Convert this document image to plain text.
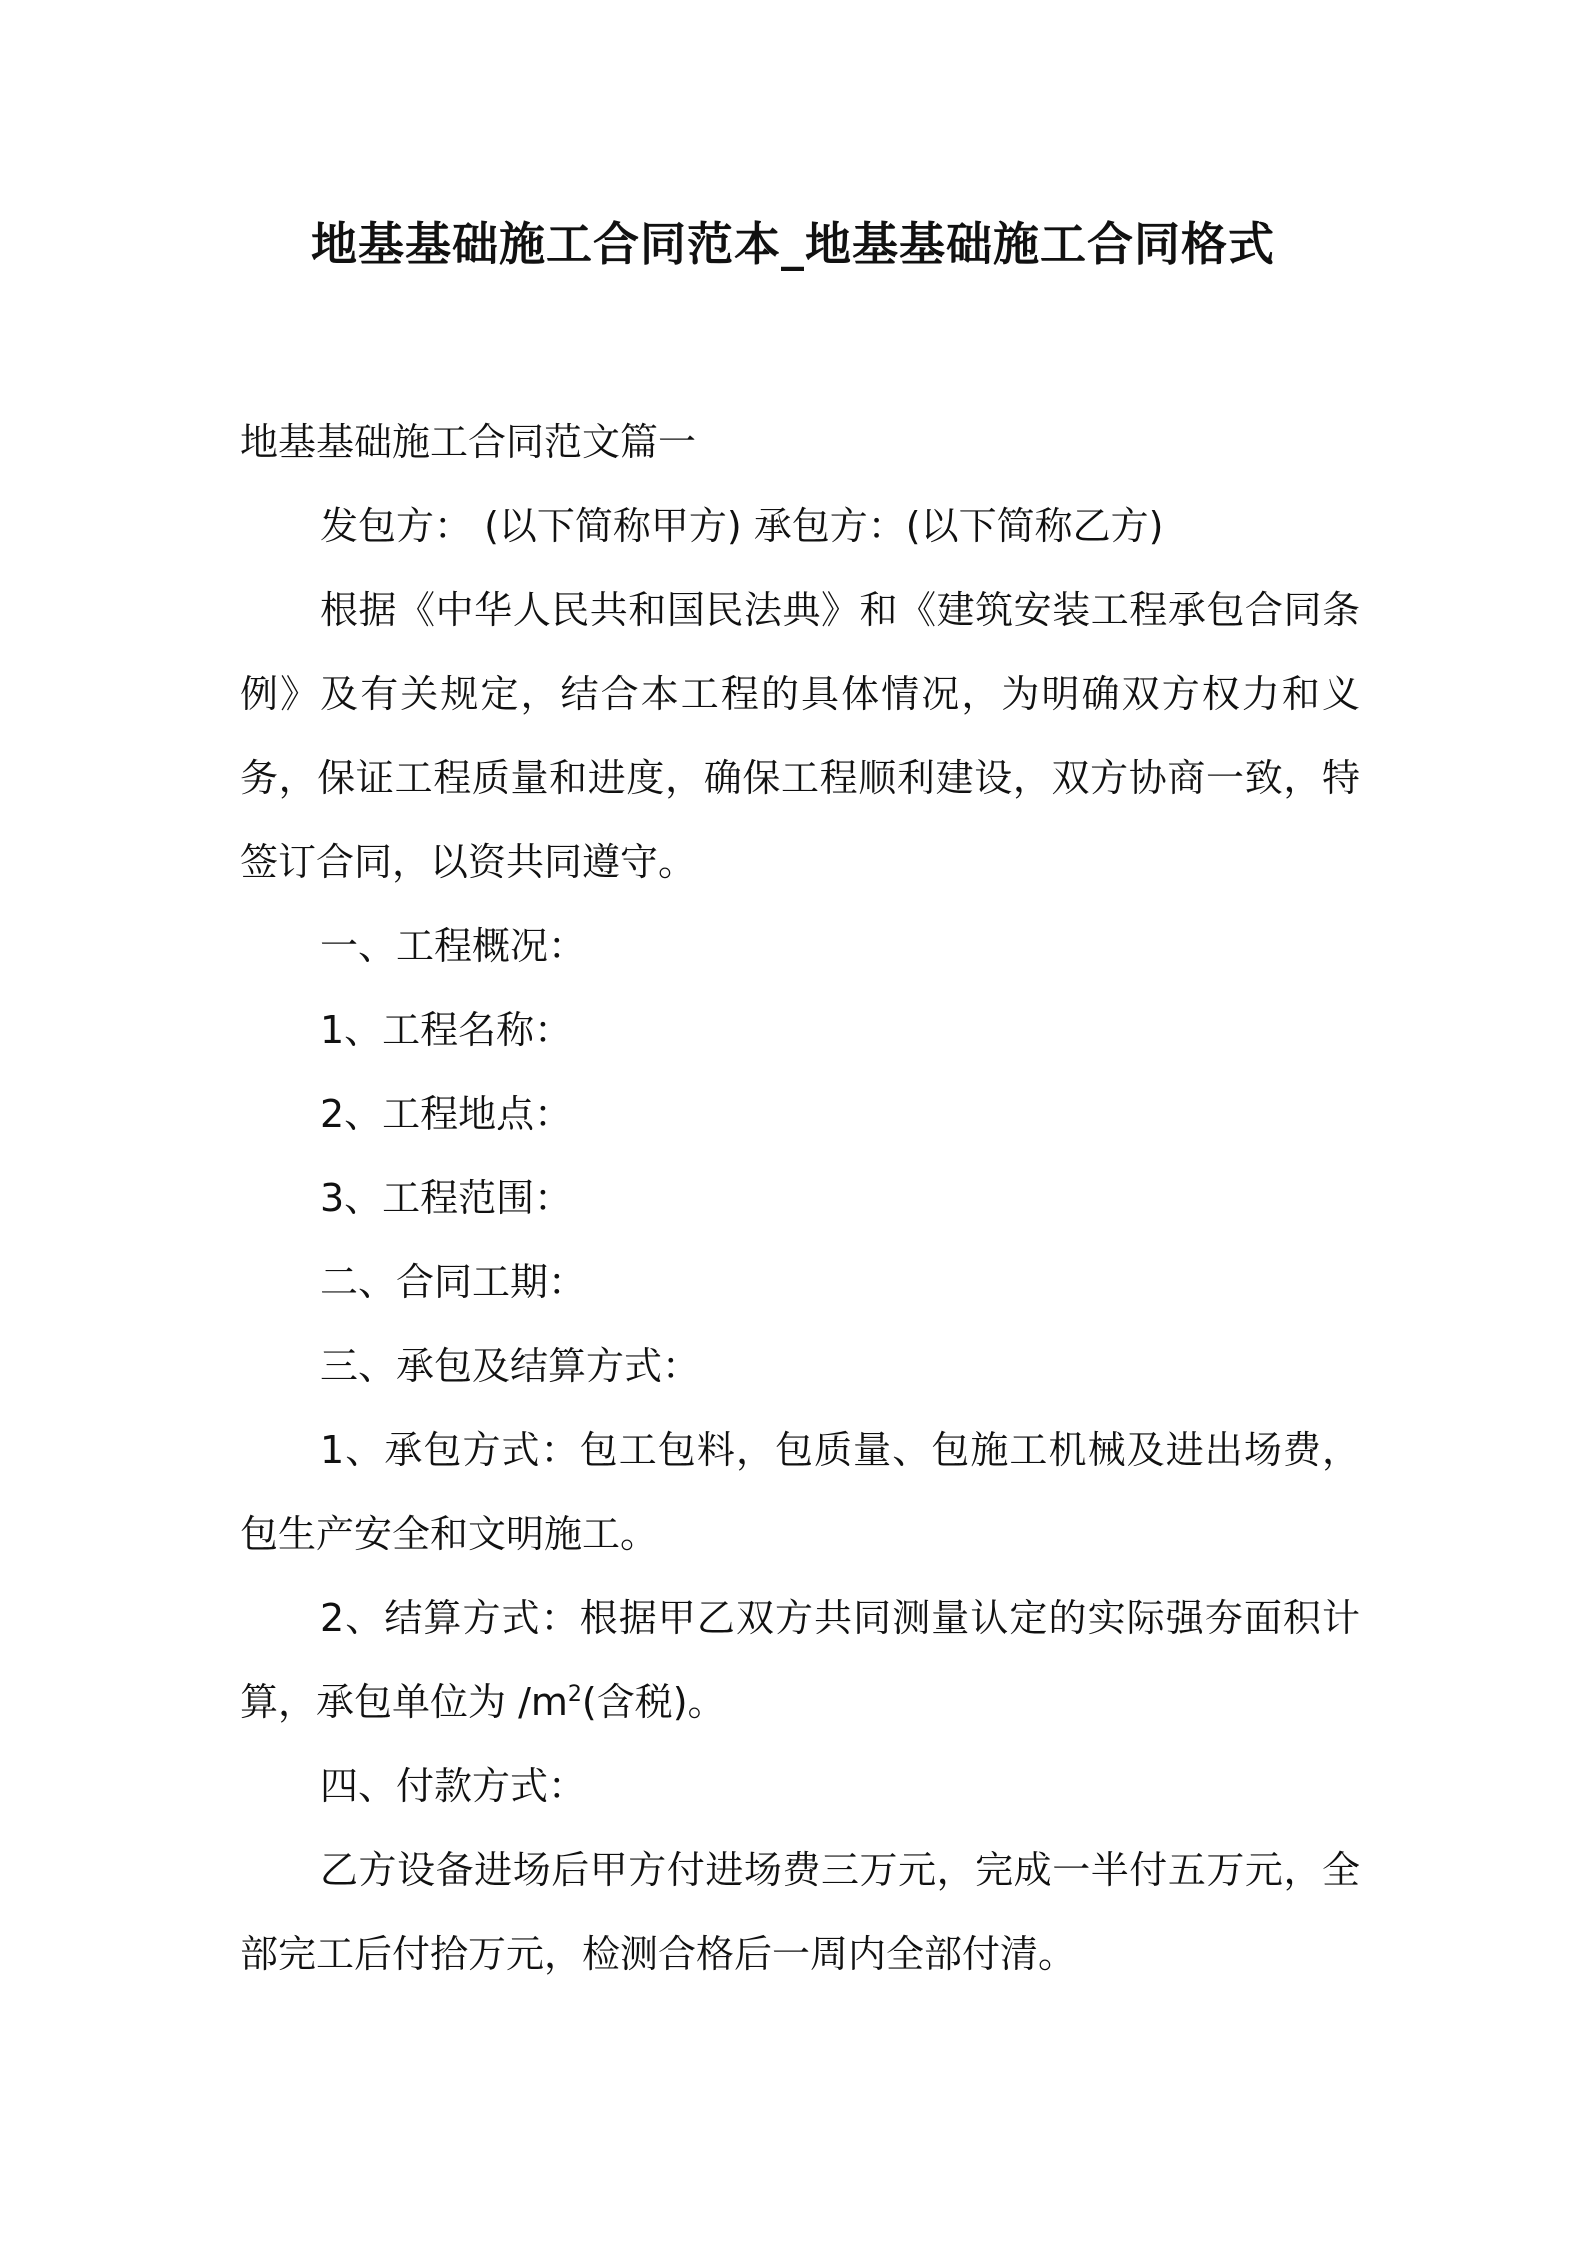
地基基础施工合同范本_地基基础施工合同格式

地基基础施工合同范文篇一

发包方： (以下简称甲方) 承包方：(以下简称乙方)

根据《中华人民共和国民法典》和《建筑安装工程承包合同条例》及有关规定，结合本工程的具体情况，为明确双方权力和义务，保证工程质量和进度，确保工程顺利建设，双方协商一致，特签订合同，以资共同遵守。

一、工程概况：

1、工程名称：

2、工程地点：

3、工程范围：

二、合同工期：

三、承包及结算方式：

1、承包方式：包工包料，包质量、包施工机械及进出场费，包生产安全和文明施工。

2、结算方式：根据甲乙双方共同测量认定的实际强夯面积计算，承包单位为 $/m^2$(含税)。

四、付款方式：

乙方设备进场后甲方付进场费三万元，完成一半付五万元，全部完工后付拾万元，检测合格后一周内全部付清。
